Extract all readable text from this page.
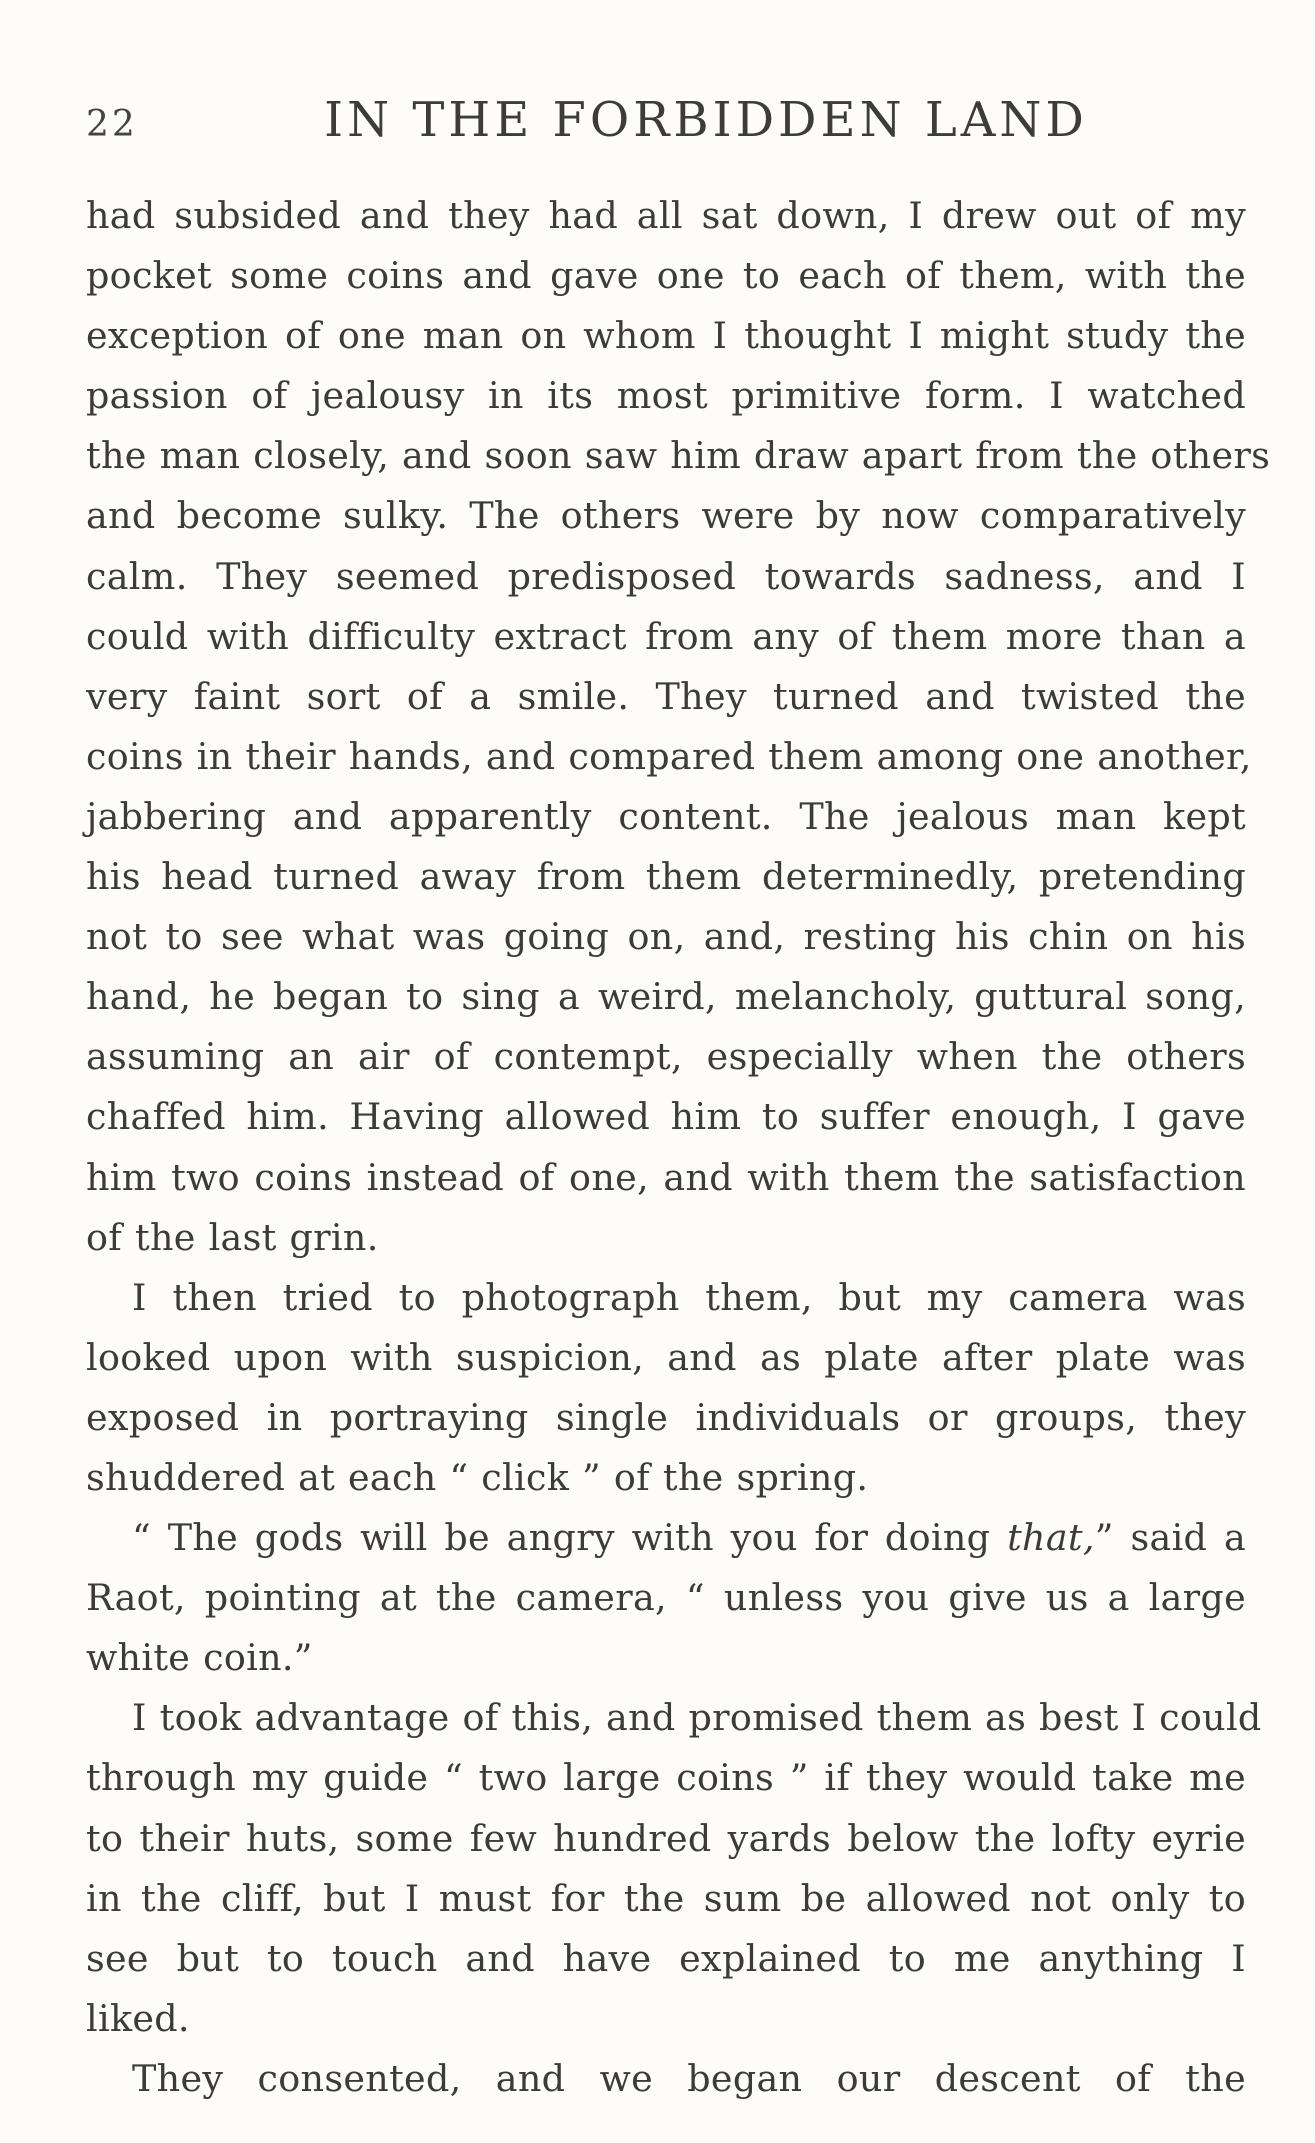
22	IN THE FORBIDDEN LAND
had subsided and they had all sat down, I drew out of my
pocket some coins and gave one to each of them, with the
exception of one man on whom I thought I might study the
passion of jealousy in its most primitive form. I watched
the man closely, and soon saw him draw apart from the others
and become sulky. The others were by now comparatively
calm. They seemed predisposed towards sadness, and I
could with difficulty extract from any of them more than a
very faint sort of a smile. They turned and twisted the
coins in their hands, and compared them among one another,
jabbering and apparently content. The jealous man kept
his head turned away from them determinedly, pretending
not to see what was going on, and, resting his chin on his
hand, he began to sing a weird, melancholy, guttural song,
assuming an air of contempt, especially when the others
chaffed him. Having allowed him to suffer enough, I gave
him two coins instead of one, and with them the satisfaction
of the last grin.
I then tried to photograph them, but my camera was
looked upon with suspicion, and as plate after plate was
exposed in portraying single individuals or groups, they
shuddered at each “ click ” of the spring.
“ The gods will be angry with you for doing that,” said a
Raot, pointing at the camera, “ unless you give us a large
white coin.”
I took advantage of this, and promised them as best I could
through my guide “ two large coins ” if they would take me
to their huts, some few hundred yards below the lofty eyrie
in the cliff, but I must for the sum be allowed not only to
see but to touch and have explained to me anything I
liked.
They consented, and we began our descent of the
